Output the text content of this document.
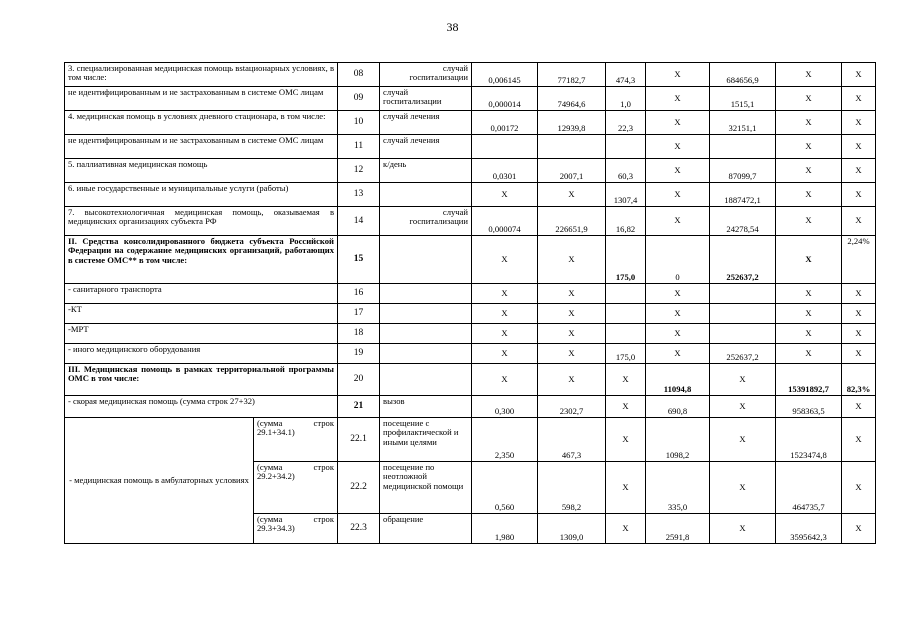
38
3. специализированная медицинская помощь вstационарных условиях, в том числе:		08	случай госпитализации	0,006145	77182,7	474,3	X	684656,9	X	X
не идентифицированным и не застрахованным в системе ОМС лицам		09	случай госпитализации	0,000014	74964,6	1,0	X	1515,1	X	X
4. медицинская помощь в условиях дневного стационара, в том числе:		10	случай лечения	0,00172	12939,8	22,3	X	32151,1	X	X
не идентифицированным и не застрахованным в системе ОМС лицам		11	случай лечения				X		X	X
5. паллиативная медицинская помощь		12	к/день	0,0301	2007,1	60,3	X	87099,7	X	X
6. иные государственные и муниципальные услуги (работы)		13		X	X	1307,4	X	1887472,1	X	X
7. высокотехнологичная медицинская помощь, оказываемая в медицинских организациях субъекта РФ		14	случай госпитализации	0,000074	226651,9	16,82	X	24278,54	X	X
II. Средства консолидированного бюджета субъекта Российской Федерации на содержание медицинских организаций, работающих в системе ОМС** в том числе:		15		X	X	175,0	0	252637,2	X	2,24%
- санитарного транспорта		16		X	X		X		X	X
-КТ		17		X	X		X		X	X
-МРТ		18		X	X		X		X	X
- иного медицинского оборудования		19		X	X	175,0	X	252637,2	X	X
III. Медицинская помощь в рамках территориальной программы ОМС в том числе:		20		X	X	X	11094,8	X	15391892,7	82,3%
- скорая медицинская помощь (сумма строк 27+32)		21	вызов	0,300	2302,7	X	690,8	X	958363,5	X
- медицинская помощь в амбулаторных условиях	(сумма строк 29.1+34.1)	22.1	посещение с профилактической и иными целями	2,350	467,3	X	1098,2	X	1523474,8	X
	(сумма строк 29.2+34.2)	22.2	посещение по неотложной медицинской помощи	0,560	598,2	X	335,0	X	464735,7	X
	(сумма строк 29.3+34.3)	22.3	обращение	1,980	1309,0	X	2591,8	X	3595642,3	X
